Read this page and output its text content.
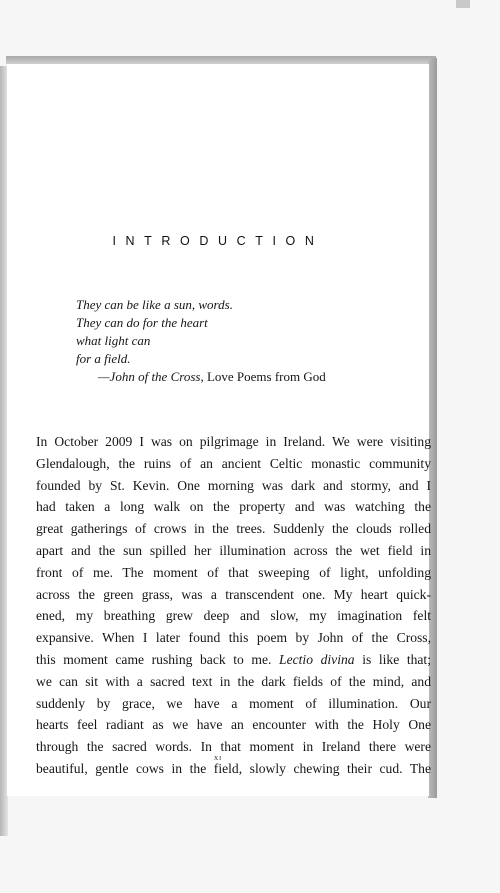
INTRODUCTION
They can be like a sun, words.
They can do for the heart
what light can
for a field.
—John of the Cross, Love Poems from God
In October 2009 I was on pilgrimage in Ireland. We were visiting
Glendalough, the ruins of an ancient Celtic monastic community
founded by St. Kevin. One morning was dark and stormy, and I
had taken a long walk on the property and was watching the
great gatherings of crows in the trees. Suddenly the clouds rolled
apart and the sun spilled her illumination across the wet field in
front of me. The moment of that sweeping of light, unfolding
across the green grass, was a transcendent one. My heart quick-
ened, my breathing grew deep and slow, my imagination felt
expansive. When I later found this poem by John of the Cross,
this moment came rushing back to me. Lectio divina is like that;
we can sit with a sacred text in the dark fields of the mind, and
suddenly by grace, we have a moment of illumination. Our
hearts feel radiant as we have an encounter with the Holy One
through the sacred words. In that moment in Ireland there were
beautiful, gentle cows in the field, slowly chewing their cud. The
xi
